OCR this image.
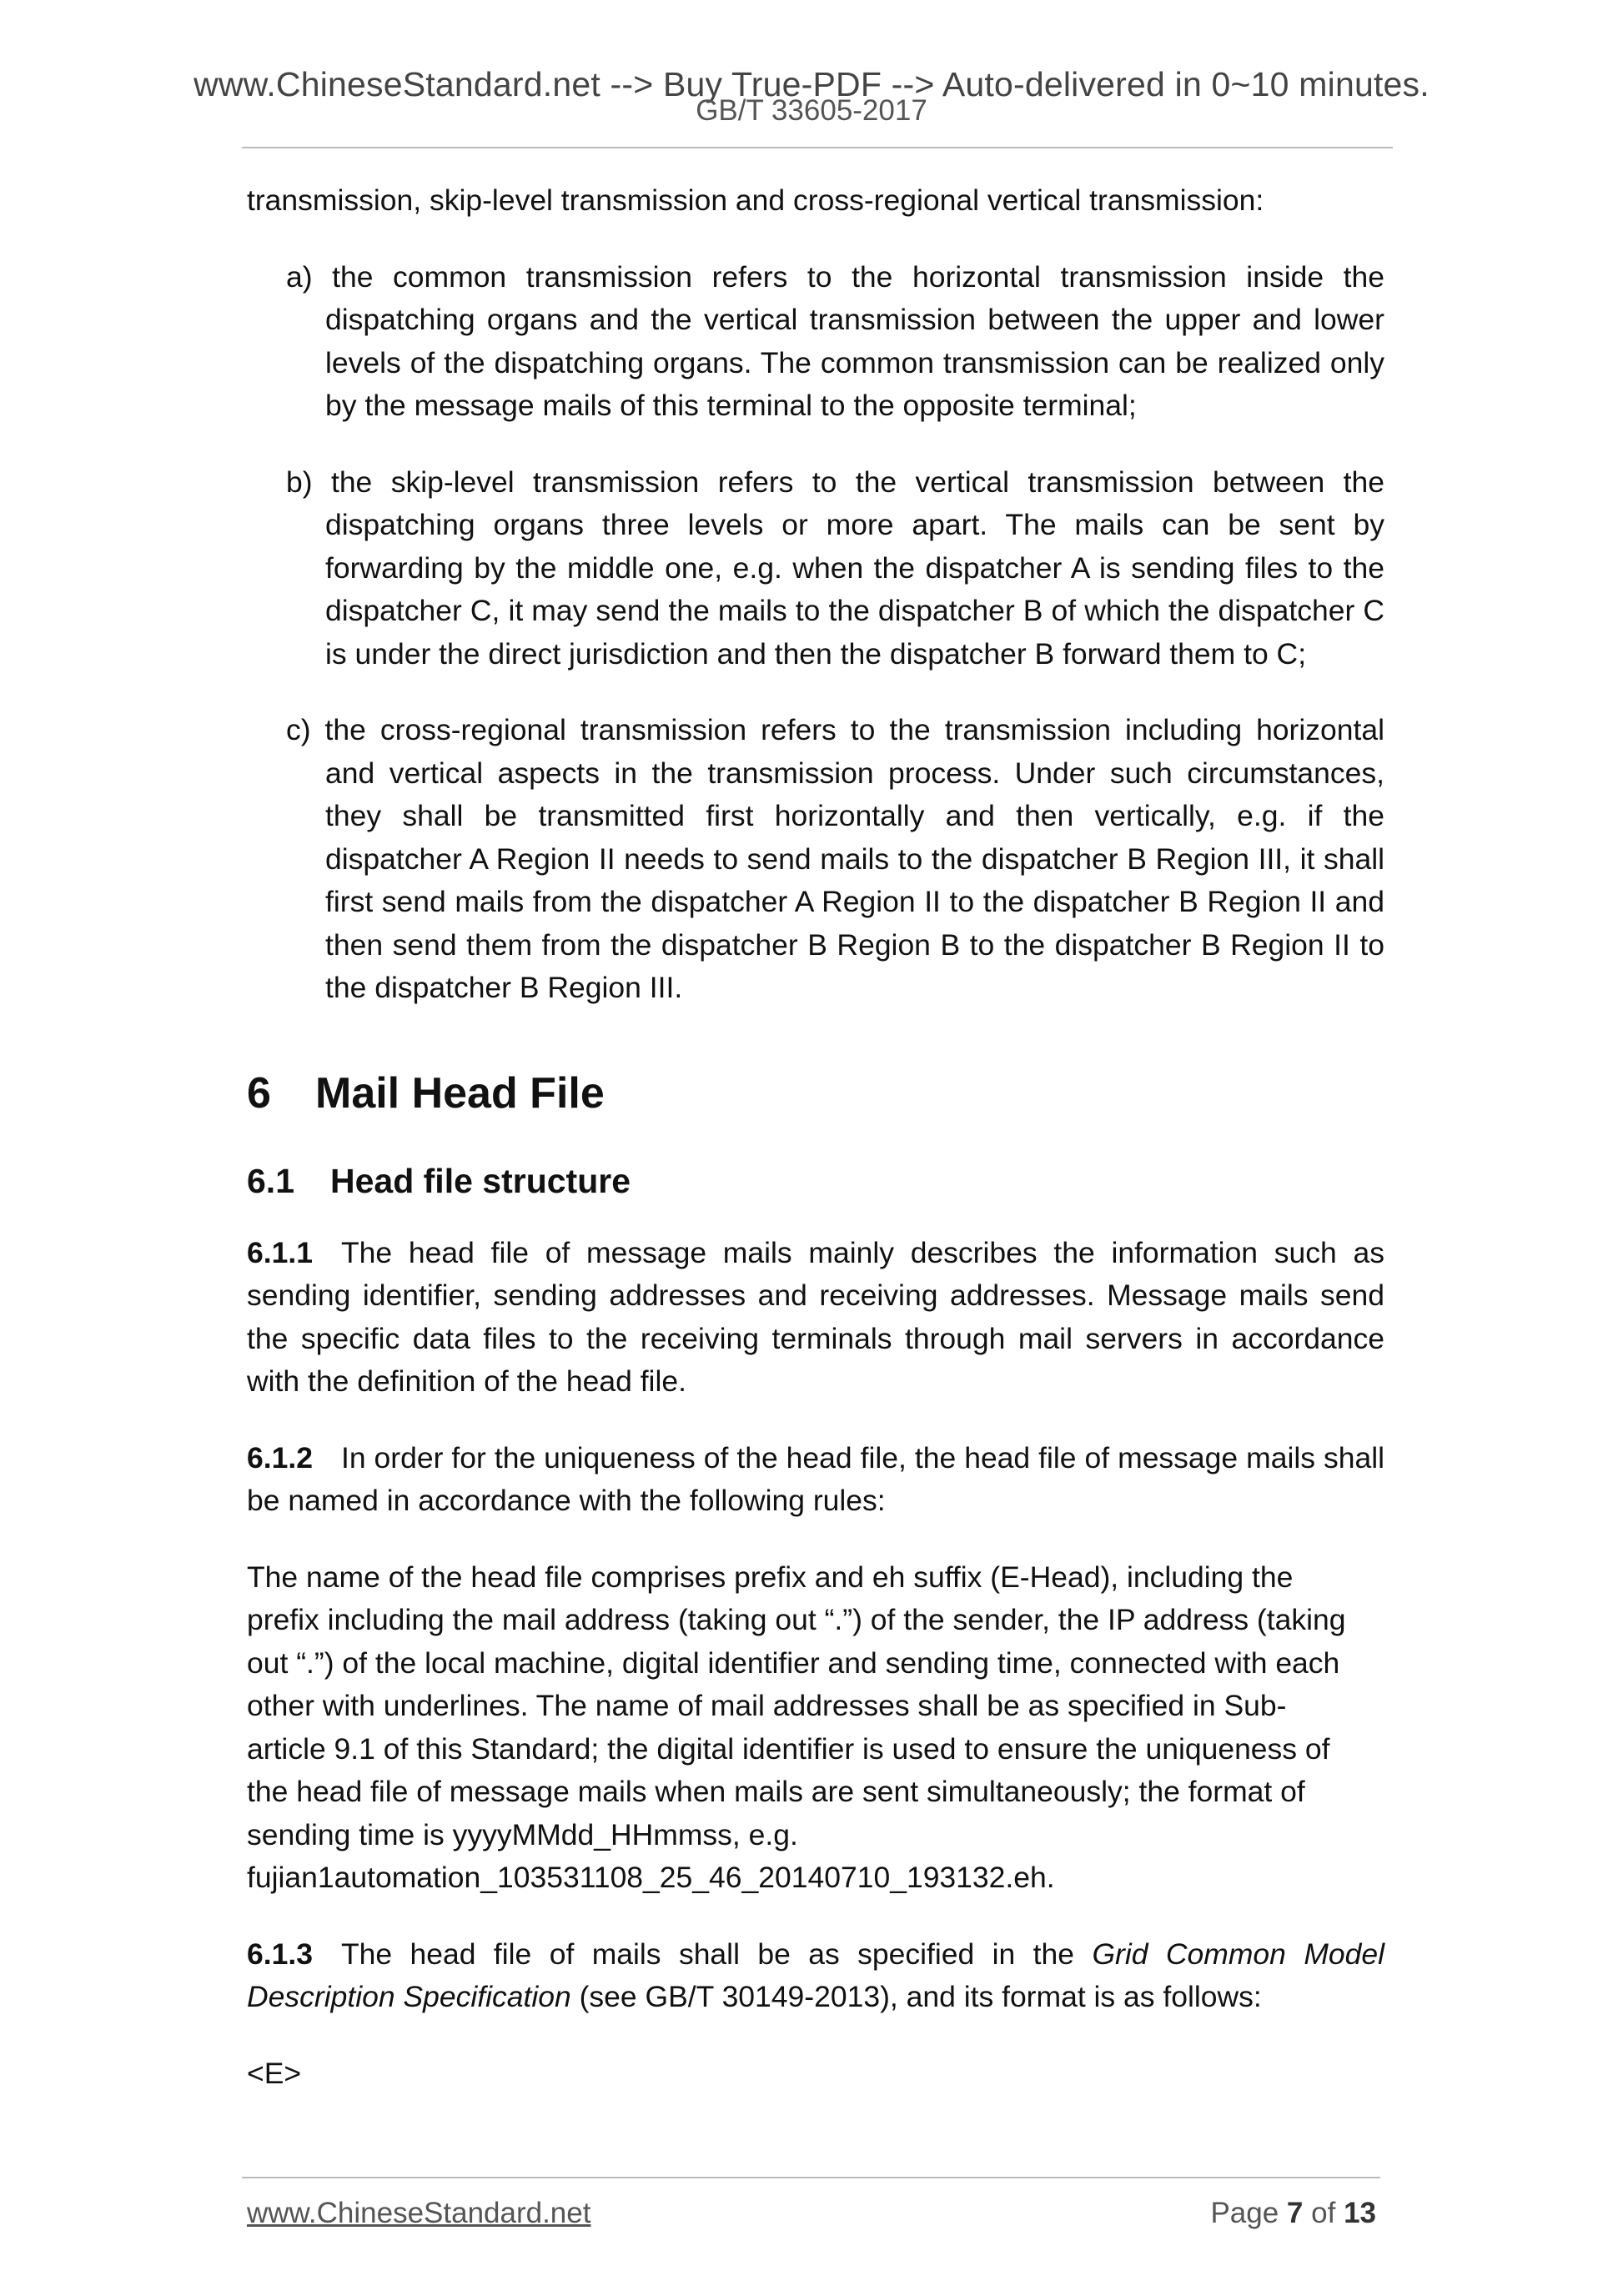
www.ChineseStandard.net --> Buy True-PDF --> Auto-delivered in 0~10 minutes.
GB/T 33605-2017

transmission, skip-level transmission and cross-regional vertical transmission:

a) the common transmission refers to the horizontal transmission inside the dispatching organs and the vertical transmission between the upper and lower levels of the dispatching organs. The common transmission can be realized only by the message mails of this terminal to the opposite terminal;

b) the skip-level transmission refers to the vertical transmission between the dispatching organs three levels or more apart. The mails can be sent by forwarding by the middle one, e.g. when the dispatcher A is sending files to the dispatcher C, it may send the mails to the dispatcher B of which the dispatcher C is under the direct jurisdiction and then the dispatcher B forward them to C;

c) the cross-regional transmission refers to the transmission including horizontal and vertical aspects in the transmission process. Under such circumstances, they shall be transmitted first horizontally and then vertically, e.g. if the dispatcher A Region II needs to send mails to the dispatcher B Region III, it shall first send mails from the dispatcher A Region II to the dispatcher B Region II and then send them from the dispatcher B Region B to the dispatcher B Region II to the dispatcher B Region III.

6 Mail Head File
6.1 Head file structure

6.1.1 The head file of message mails mainly describes the information such as sending identifier, sending addresses and receiving addresses. Message mails send the specific data files to the receiving terminals through mail servers in accordance with the definition of the head file.

6.1.2 In order for the uniqueness of the head file, the head file of message mails shall be named in accordance with the following rules:

The name of the head file comprises prefix and eh suffix (E-Head), including the
prefix including the mail address (taking out “.”) of the sender, the IP address (taking
out “.”) of the local machine, digital identifier and sending time, connected with each
other with underlines. The name of mail addresses shall be as specified in Sub-
article 9.1 of this Standard; the digital identifier is used to ensure the uniqueness of
the head file of message mails when mails are sent simultaneously; the format of
sending time is yyyyMMdd_HHmmss, e.g.
fujian1automation_103531108_25_46_20140710_193132.eh.

6.1.3 The head file of mails shall be as specified in the Grid Common Model Description Specification (see GB/T 30149-2013), and its format is as follows:

<E>

www.ChineseStandard.net	Page 7 of 13
